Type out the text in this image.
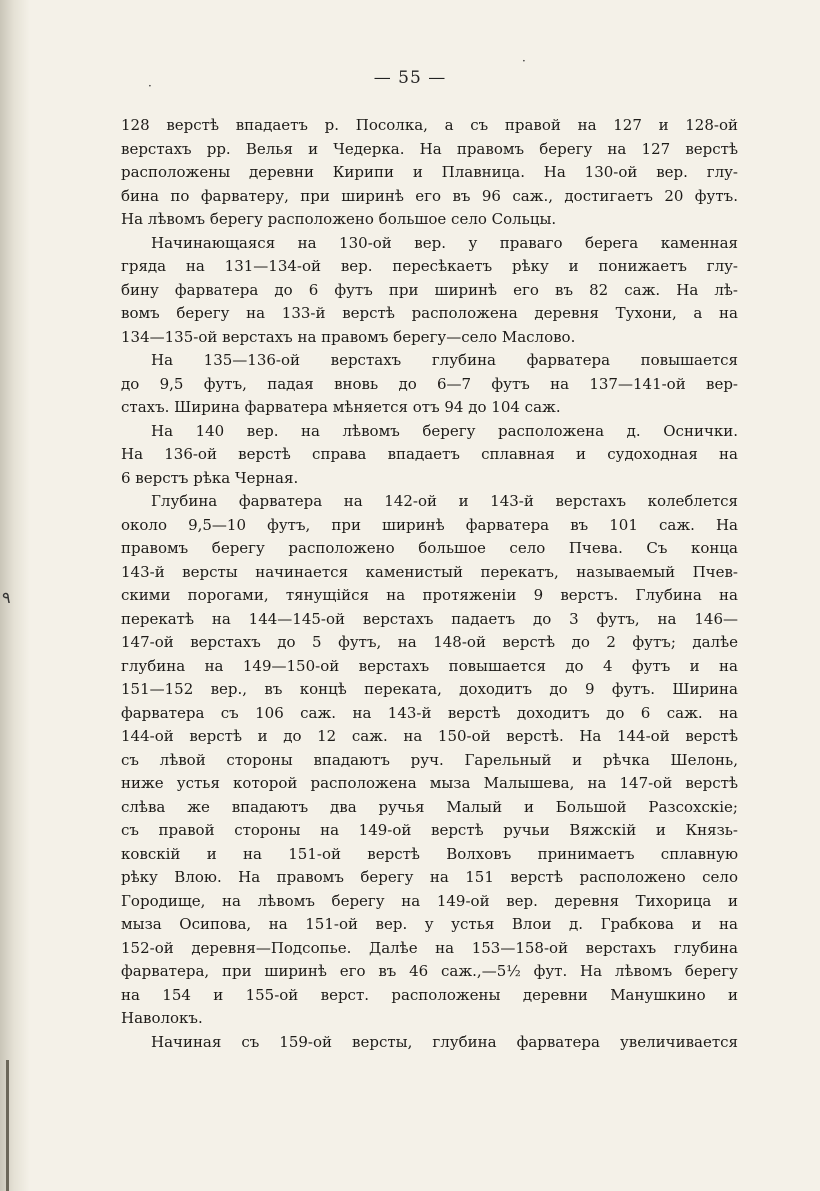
·
·
٩
— 55 —
128 верстѣ впадаетъ р. Посолка, а съ правой на 127 и 128-ой
верстахъ рр. Велья и Чедерка. На правомъ берегу на 127 верстѣ
расположены деревни Кирипи и Плавница. На 130-ой вер. глу-
бина по фарватеру, при ширинѣ его въ 96 саж., достигаетъ 20 футъ.
На лѣвомъ берегу расположено большое село Сольцы.
Начинающаяся на 130-ой вер. у праваго берега каменная
гряда на 131—134-ой вер. пересѣкаетъ рѣку и понижаетъ глу-
бину фарватера до 6 футъ при ширинѣ его въ 82 саж. На лѣ-
вомъ берегу на 133-й верстѣ расположена деревня Тухони, а на
134—135-ой верстахъ на правомъ берегу—село Маслово.
На 135—136-ой верстахъ глубина фарватера повышается
до 9,5 футъ, падая вновь до 6—7 футъ на 137—141-ой вер-
стахъ. Ширина фарватера мѣняется отъ 94 до 104 саж.
На 140 вер. на лѣвомъ берегу расположена д. Оснички.
На 136-ой верстѣ справа впадаетъ сплавная и судоходная на
6 верстъ рѣка Черная.
Глубина фарватера на 142-ой и 143-й верстахъ колеблется
около 9,5—10 футъ, при ширинѣ фарватера въ 101 саж. На
правомъ берегу расположено большое село Пчева. Съ конца
143-й версты начинается каменистый перекатъ, называемый Пчев-
скими порогами, тянущійся на протяженіи 9 верстъ. Глубина на
перекатѣ на 144—145-ой верстахъ падаетъ до 3 футъ, на 146—
147-ой верстахъ до 5 футъ, на 148-ой верстѣ до 2 футъ; далѣе
глубина на 149—150-ой верстахъ повышается до 4 футъ и на
151—152 вер., въ концѣ переката, доходитъ до 9 футъ. Ширина
фарватера съ 106 саж. на 143-й верстѣ доходитъ до 6 саж. на
144-ой верстѣ и до 12 саж. на 150-ой верстѣ. На 144-ой верстѣ
съ лѣвой стороны впадаютъ руч. Гарельный и рѣчка Шелонь,
ниже устья которой расположена мыза Малышева, на 147-ой верстѣ
слѣва же впадаютъ два ручья Малый и Большой Разсохскіе;
съ правой стороны на 149-ой верстѣ ручьи Вяжскій и Князь-
ковскій и на 151-ой верстѣ Волховъ принимаетъ сплавную
рѣку Влою. На правомъ берегу на 151 верстѣ расположено село
Городище, на лѣвомъ берегу на 149-ой вер. деревня Тихорица и
мыза Осипова, на 151-ой вер. у устья Влои д. Грабкова и на
152-ой деревня—Подсопье. Далѣе на 153—158-ой верстахъ глубина
фарватера, при ширинѣ его въ 46 саж.,—5½ фут. На лѣвомъ берегу
на 154 и 155-ой верст. расположены деревни Манушкино и
Наволокъ.
Начиная съ 159-ой версты, глубина фарватера увеличивается
